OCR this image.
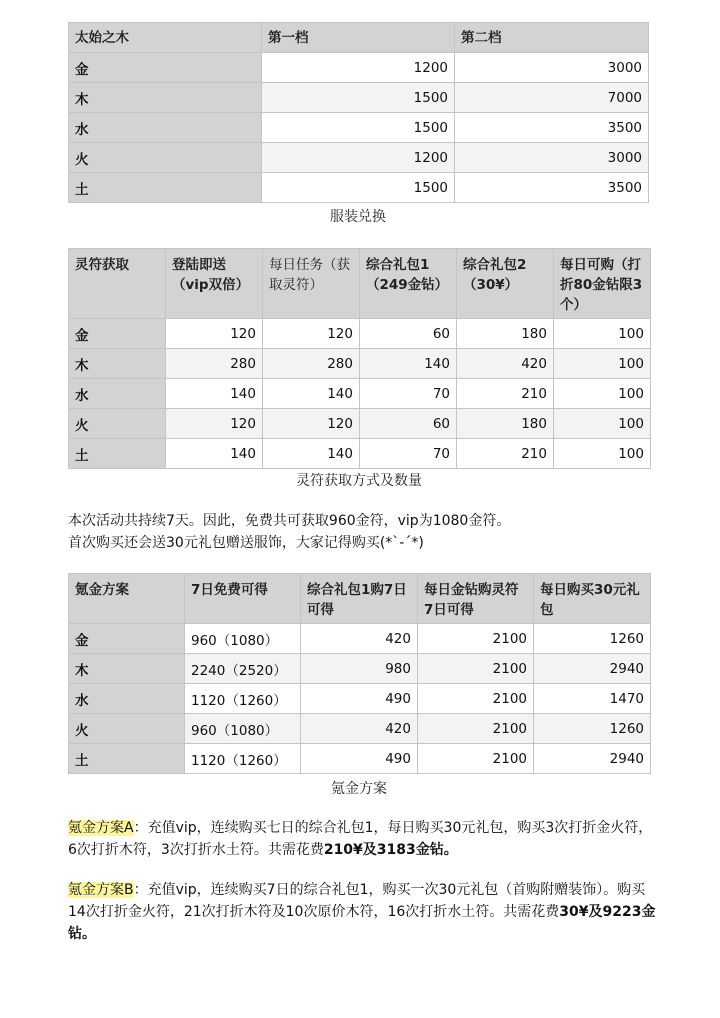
太始之木	第一档	第二档
金	1200	3000
木	1500	7000
水	1500	3500
火	1200	3000
土	1500	3500
服装兑换
灵符获取	登陆即送（vip双倍）	每日任务（获取灵符）	综合礼包1（249金钻）	综合礼包2（30¥）	每日可购（打折80金钻限3个）
金	120	120	60	180	100
木	280	280	140	420	100
水	140	140	70	210	100
火	120	120	60	180	100
土	140	140	70	210	100
灵符获取方式及数量
本次活动共持续7天。因此，免费共可获取960金符，vip为1080金符。
首次购买还会送30元礼包赠送服饰，大家记得购买(*ˋ-ˊ*)
氪金方案	7日免费可得	综合礼包1购7日可得	每日金钻购灵符7日可得	每日购买30元礼包
金	960（1080）	420	2100	1260
木	2240（2520）	980	2100	2940
水	1120（1260）	490	2100	1470
火	960（1080）	420	2100	1260
土	1120（1260）	490	2100	2940
氪金方案
氪金方案A：充值vip，连续购买七日的综合礼包1，每日购买30元礼包，购买3次打折金火符，6次打折木符，3次打折水土符。共需花费210¥及3183金钻。
氪金方案B：充值vip，连续购买7日的综合礼包1，购买一次30元礼包（首购附赠装饰）。购买14次打折金火符，21次打折木符及10次原价木符，16次打折水土符。共需花费30¥及9223金钻。
